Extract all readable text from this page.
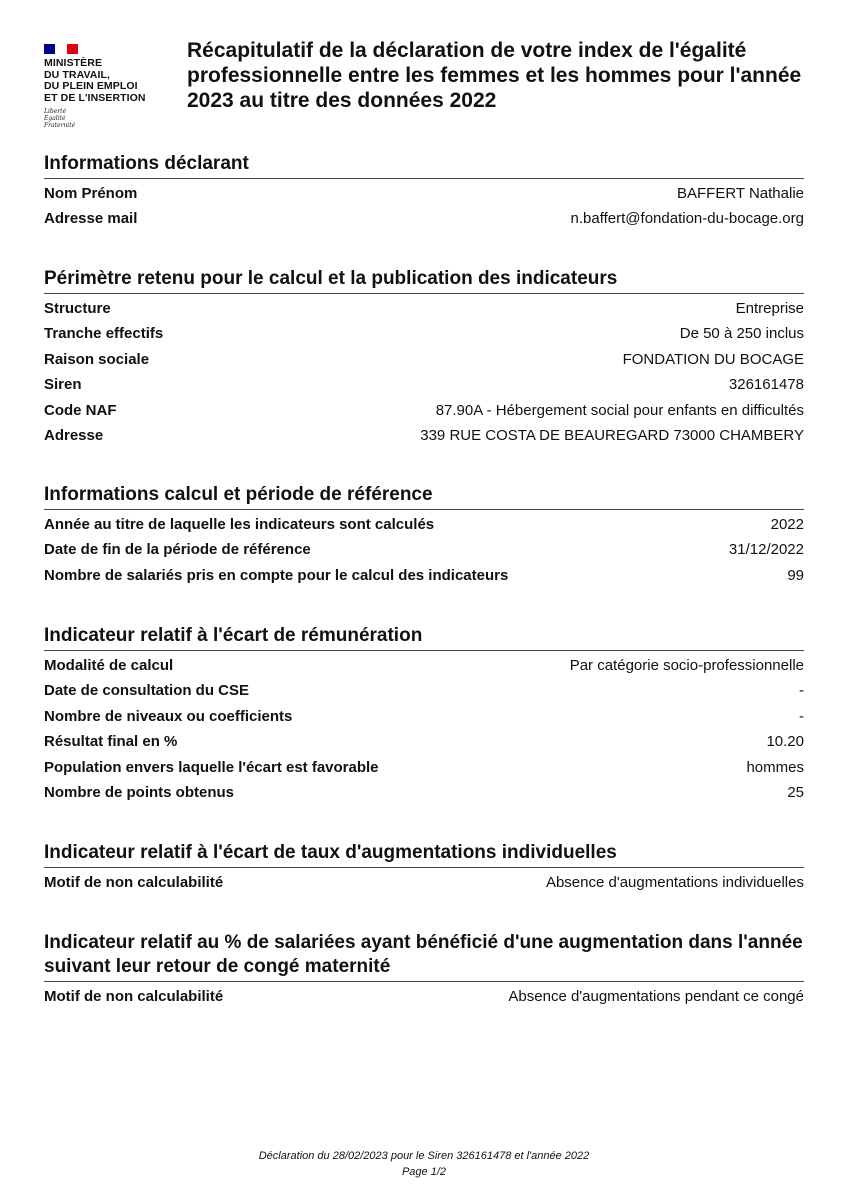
MINISTÈRE
DU TRAVAIL,
DU PLEIN EMPLOI
ET DE L'INSERTION
Liberté
Égalité
Fraternité
Récapitulatif de la déclaration de votre index de l'égalité professionnelle entre les femmes et les hommes pour l'année 2023 au titre des données 2022
Informations déclarant
Nom Prénom	BAFFERT Nathalie
Adresse mail	n.baffert@fondation-du-bocage.org
Périmètre retenu pour le calcul et la publication des indicateurs
Structure	Entreprise
Tranche effectifs	De 50 à 250 inclus
Raison sociale	FONDATION DU BOCAGE
Siren	326161478
Code NAF	87.90A - Hébergement social pour enfants en difficultés
Adresse	339 RUE COSTA DE BEAUREGARD 73000 CHAMBERY
Informations calcul et période de référence
Année au titre de laquelle les indicateurs sont calculés	2022
Date de fin de la période de référence	31/12/2022
Nombre de salariés pris en compte pour le calcul des indicateurs	99
Indicateur relatif à l'écart de rémunération
Modalité de calcul	Par catégorie socio-professionnelle
Date de consultation du CSE	-
Nombre de niveaux ou coefficients	-
Résultat final en %	10.20
Population envers laquelle l'écart est favorable	hommes
Nombre de points obtenus	25
Indicateur relatif à l'écart de taux d'augmentations individuelles
Motif de non calculabilité	Absence d'augmentations individuelles
Indicateur relatif au % de salariées ayant bénéficié d'une augmentation dans l'année suivant leur retour de congé maternité
Motif de non calculabilité	Absence d'augmentations pendant ce congé
Déclaration du 28/02/2023 pour le Siren 326161478 et l'année 2022
Page 1/2
